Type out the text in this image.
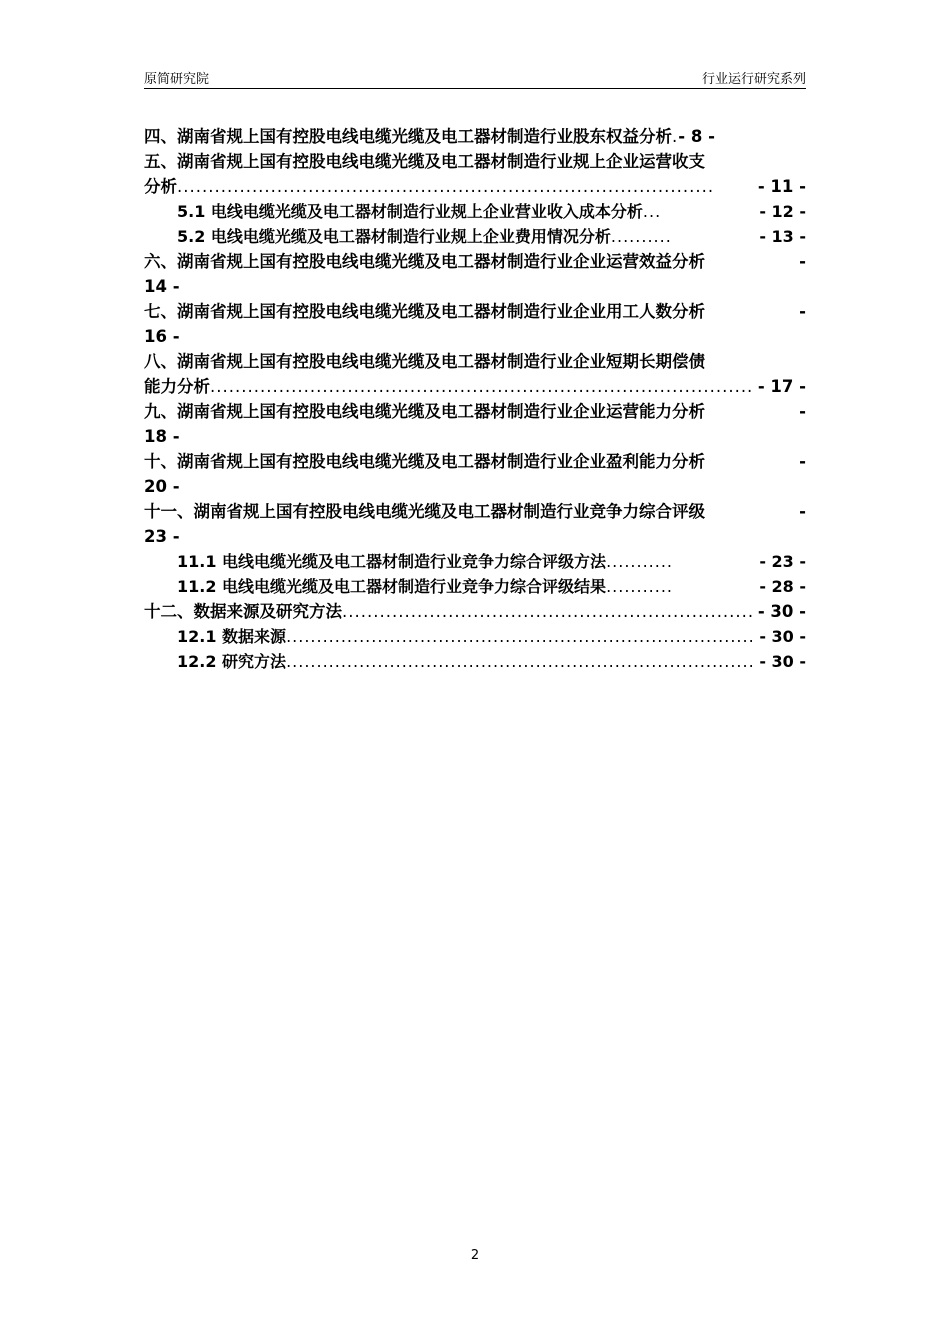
原简研究院	行业运行研究系列
四、湖南省规上国有控股电线电缆光缆及电工器材制造行业股东权益分析 . - 8 -
五、湖南省规上国有控股电线电缆光缆及电工器材制造行业规上企业运营收支
分析 ......................................................................................	- 11 -
5.1 电线电缆光缆及电工器材制造行业规上企业营业收入成本分析 ...	- 12 -
5.2 电线电缆光缆及电工器材制造行业规上企业费用情况分析 ..........	- 13 -
六、湖南省规上国有控股电线电缆光缆及电工器材制造行业企业运营效益分析	-
14 -
七、湖南省规上国有控股电线电缆光缆及电工器材制造行业企业用工人数分析	-
16 -
八、湖南省规上国有控股电线电缆光缆及电工器材制造行业企业短期长期偿债
能力分析 ....................................................................................... - 17 -
九、湖南省规上国有控股电线电缆光缆及电工器材制造行业企业运营能力分析	-
18 -
十、湖南省规上国有控股电线电缆光缆及电工器材制造行业企业盈利能力分析	-
20 -
十一、湖南省规上国有控股电线电缆光缆及电工器材制造行业竞争力综合评级	-
23 -
11.1 电线电缆光缆及电工器材制造行业竞争力综合评级方法 ...........	- 23 -
11.2 电线电缆光缆及电工器材制造行业竞争力综合评级结果 ...........	- 28 -
十二、数据来源及研究方法 .................................................................. - 30 -
12.1 数据来源 ............................................................................. - 30 -
12.2 研究方法 ............................................................................. - 30 -
2
